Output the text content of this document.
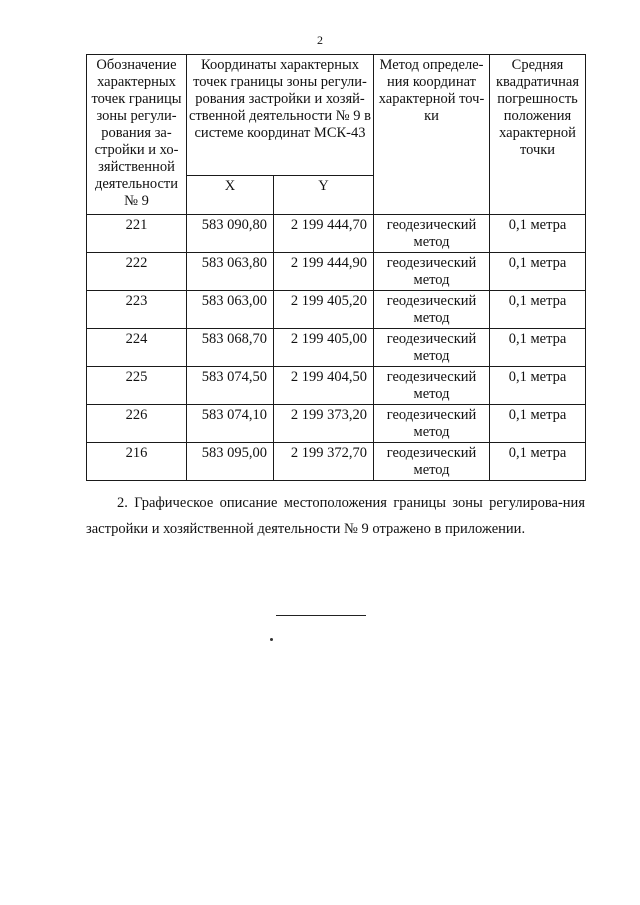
2
Обозначение характерных точек границы зоны регули-рования за-стройки и хо-зяйственной деятельности № 9	Координаты характерных точек границы зоны регули-рования застройки и хозяй-ственной деятельности № 9 в системе координат МСК-43		Метод определе-ния координат характерной точ-ки	Средняя квадратичная погрешность положения характерной точки
	X	Y		
221	583 090,80	2 199 444,70	геодезический метод	0,1 метра
222	583 063,80	2 199 444,90	геодезический метод	0,1 метра
223	583 063,00	2 199 405,20	геодезический метод	0,1 метра
224	583 068,70	2 199 405,00	геодезический метод	0,1 метра
225	583 074,50	2 199 404,50	геодезический метод	0,1 метра
226	583 074,10	2 199 373,20	геодезический метод	0,1 метра
216	583 095,00	2 199 372,70	геодезический метод	0,1 метра
2. Графическое описание местоположения границы зоны регулирова-ния застройки и хозяйственной деятельности № 9 отражено в приложении.
